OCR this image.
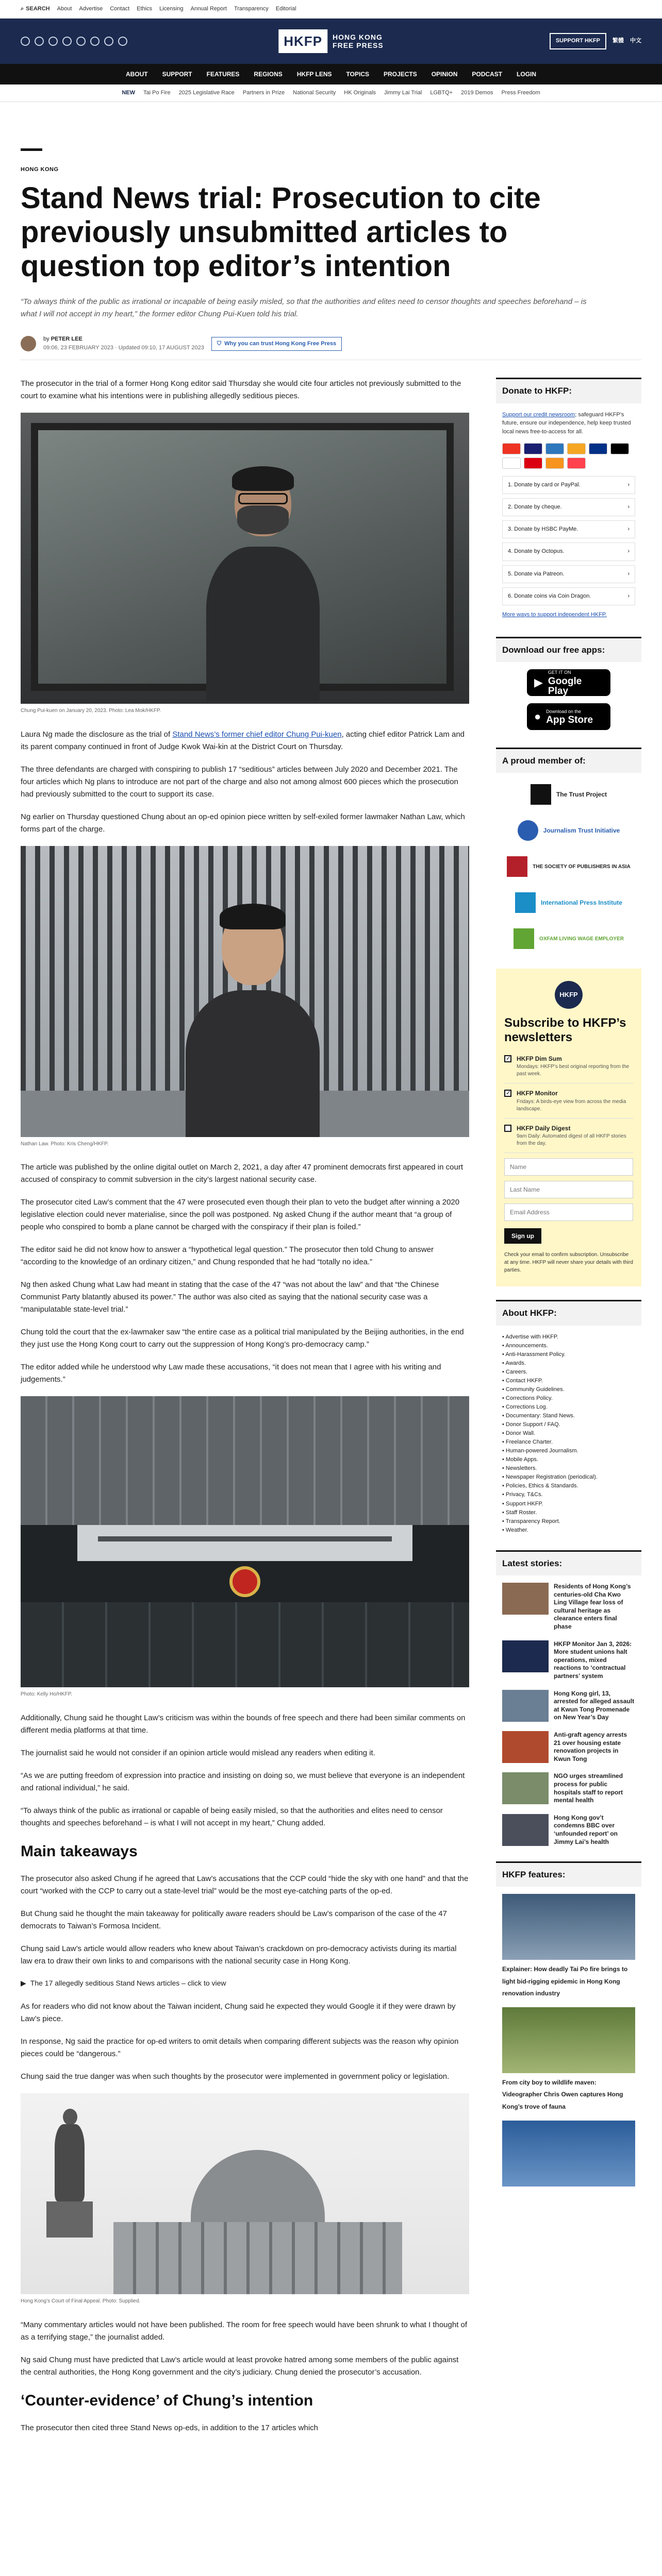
⌕ SEARCH About Advertise Contact Ethics Licensing Annual Report Transparency Editorial
HKFP	HONG KONG
FREE PRESS
SUPPORT HKFP	繁體 中文
ABOUT SUPPORT FEATURES REGIONS HKFP LENS TOPICS PROJECTS OPINION PODCAST LOGIN
NEW Tai Po Fire 2025 Legislative Race Partners in Prize National Security HK Originals Jimmy Lai Trial LGBTQ+ 2019 Demos Press Freedom
HONG KONG
Stand News trial: Prosecution to cite previously unsubmitted articles to question top editor’s intention
“To always think of the public as irrational or incapable of being easily misled, so that the authorities and elites need to censor thoughts and speeches beforehand – is what I will not accept in my heart,” the former editor Chung Pui-Kuen told his trial.
by PETER LEE
09:06, 23 FEBRUARY 2023 · Updated 09:10, 17 AUGUST 2023
⛉ Why you can trust Hong Kong Free Press

The prosecutor in the trial of a former Hong Kong editor said Thursday she would cite four articles not previously submitted to the court to examine what his intentions were in publishing allegedly seditious pieces.

Chung Pui-kuen on January 20, 2023. Photo: Lea Mok/HKFP.

Laura Ng made the disclosure as the trial of Stand News’s former chief editor Chung Pui-kuen, acting chief editor Patrick Lam and its parent company continued in front of Judge Kwok Wai-kin at the District Court on Thursday.

The three defendants are charged with conspiring to publish 17 “seditious” articles between July 2020 and December 2021. The four articles which Ng plans to introduce are not part of the charge and also not among almost 600 pieces which the prosecution had previously submitted to the court to support its case.

Ng earlier on Thursday questioned Chung about an op-ed opinion piece written by self-exiled former lawmaker Nathan Law, which forms part of the charge.

Nathan Law. Photo: Kris Cheng/HKFP.

The article was published by the online digital outlet on March 2, 2021, a day after 47 prominent democrats first appeared in court accused of conspiracy to commit subversion in the city’s largest national security case.

The prosecutor cited Law’s comment that the 47 were prosecuted even though their plan to veto the budget after winning a 2020 legislative election could never materialise, since the poll was postponed. Ng asked Chung if the author meant that “a group of people who conspired to bomb a plane cannot be charged with the conspiracy if their plan is foiled.”

The editor said he did not know how to answer a “hypothetical legal question.” The prosecutor then told Chung to answer “according to the knowledge of an ordinary citizen,” and Chung responded that he had “totally no idea.”

Ng then asked Chung what Law had meant in stating that the case of the 47 “was not about the law” and that “the Chinese Communist Party blatantly abused its power.” The author was also cited as saying that the national security case was a “manipulatable state-level trial.”

Chung told the court that the ex-lawmaker saw “the entire case as a political trial manipulated by the Beijing authorities, in the end they just use the Hong Kong court to carry out the suppression of Hong Kong’s pro-democracy camp.”

The editor added while he understood why Law made these accusations, “it does not mean that I agree with his writing and judgements.”

Photo: Kelly Ho/HKFP.

Additionally, Chung said he thought Law’s criticism was within the bounds of free speech and there had been similar comments on different media platforms at that time.

The journalist said he would not consider if an opinion article would mislead any readers when editing it.

“As we are putting freedom of expression into practice and insisting on doing so, we must believe that everyone is an independent and rational individual,” he said.

“To always think of the public as irrational or capable of being easily misled, so that the authorities and elites need to censor thoughts and speeches beforehand – is what I will not accept in my heart,” Chung added.

Main takeaways

The prosecutor also asked Chung if he agreed that Law’s accusations that the CCP could “hide the sky with one hand” and that the court “worked with the CCP to carry out a state-level trial” would be the most eye-catching parts of the op-ed.

But Chung said he thought the main takeaway for politically aware readers should be Law’s comparison of the case of the 47 democrats to Taiwan’s Formosa Incident.

Chung said Law’s article would allow readers who knew about Taiwan’s crackdown on pro-democracy activists during its martial law era to draw their own links to and comparisons with the national security case in Hong Kong.

▶ The 17 allegedly seditious Stand News articles – click to view

As for readers who did not know about the Taiwan incident, Chung said he expected they would Google it if they were drawn by Law’s piece.

In response, Ng said the practice for op-ed writers to omit details when comparing different subjects was the reason why opinion pieces could be “dangerous.”

Chung said the true danger was when such thoughts by the prosecutor were implemented in government policy or legislation.

Hong Kong’s Court of Final Appeal. Photo: Supplied.

“Many commentary articles would not have been published. The room for free speech would have been shrunk to what I thought of as a terrifying stage,” the journalist added.

Ng said Chung must have predicted that Law’s article would at least provoke hatred among some members of the public against the central authorities, the Hong Kong government and the city’s judiciary. Chung denied the prosecutor’s accusation.

‘Counter-evidence’ of Chung’s intention

The prosecutor then cited three Stand News op-eds, in addition to the 17 articles which

Donate to HKFP:
Support our credit newsroom; safeguard HKFP’s future, ensure our independence, help keep trusted local news free-to-access for all.
1. Donate by card or PayPal.	›
2. Donate by cheque.	›
3. Donate by HSBC PayMe.	›
4. Donate by Octopus.	›
5. Donate via Patreon.	›
6. Donate coins via Coin Dragon.	›
More ways to support independent HKFP.
Download our free apps:
▶
GET IT ON
Google Play
● Download on the
App Store
A proud member of:
The Trust Project
Journalism Trust Initiative
THE SOCIETY OF PUBLISHERS IN ASIA
International Press Institute
OXFAM LIVING WAGE EMPLOYER
HKFP
Subscribe to HKFP’s newsletters
✓
HKFP Dim Sum
Mondays: HKFP’s best original reporting from the past week.
✓
HKFP Monitor
Fridays: A birds-eye view from across the media landscape.
HKFP Daily Digest
9am Daily: Automated digest of all HKFP stories from the day.
Name Last Name Email Address Sign up
Check your email to confirm subscription. Unsubscribe at any time. HKFP will never share your details with third parties.
About HKFP:
• Advertise with HKFP.
• Announcements.
• Anti-Harassment Policy.
• Awards.
• Careers.
• Contact HKFP.
• Community Guidelines.
• Corrections Policy.
• Corrections Log.
• Documentary: Stand News.
• Donor Support / FAQ.
• Donor Wall.
• Freelance Charter.
• Human-powered Journalism.
• Mobile Apps.
• Newsletters.
• Newspaper Registration (periodical).
• Policies, Ethics & Standards.
• Privacy, T&Cs.
• Support HKFP.
• Staff Roster.
• Transparency Report.
• Weather.
Latest stories:
Residents of Hong Kong’s centuries-old Cha Kwo Ling Village fear loss of cultural heritage as clearance enters final phase
HKFP Monitor Jan 3, 2026: More student unions halt operations, mixed reactions to ‘contractual partners’ system
Hong Kong girl, 13, arrested for alleged assault at Kwun Tong Promenade on New Year’s Day
Anti-graft agency arrests 21 over housing estate renovation projects in Kwun Tong
NGO urges streamlined process for public hospitals staff to report mental health
Hong Kong gov’t condemns BBC over ‘unfounded report’ on Jimmy Lai’s health
HKFP features:
Explainer: How deadly Tai Po fire brings to light bid-rigging epidemic in Hong Kong renovation industry
From city boy to wildlife maven: Videographer Chris Owen captures Hong Kong’s trove of fauna
